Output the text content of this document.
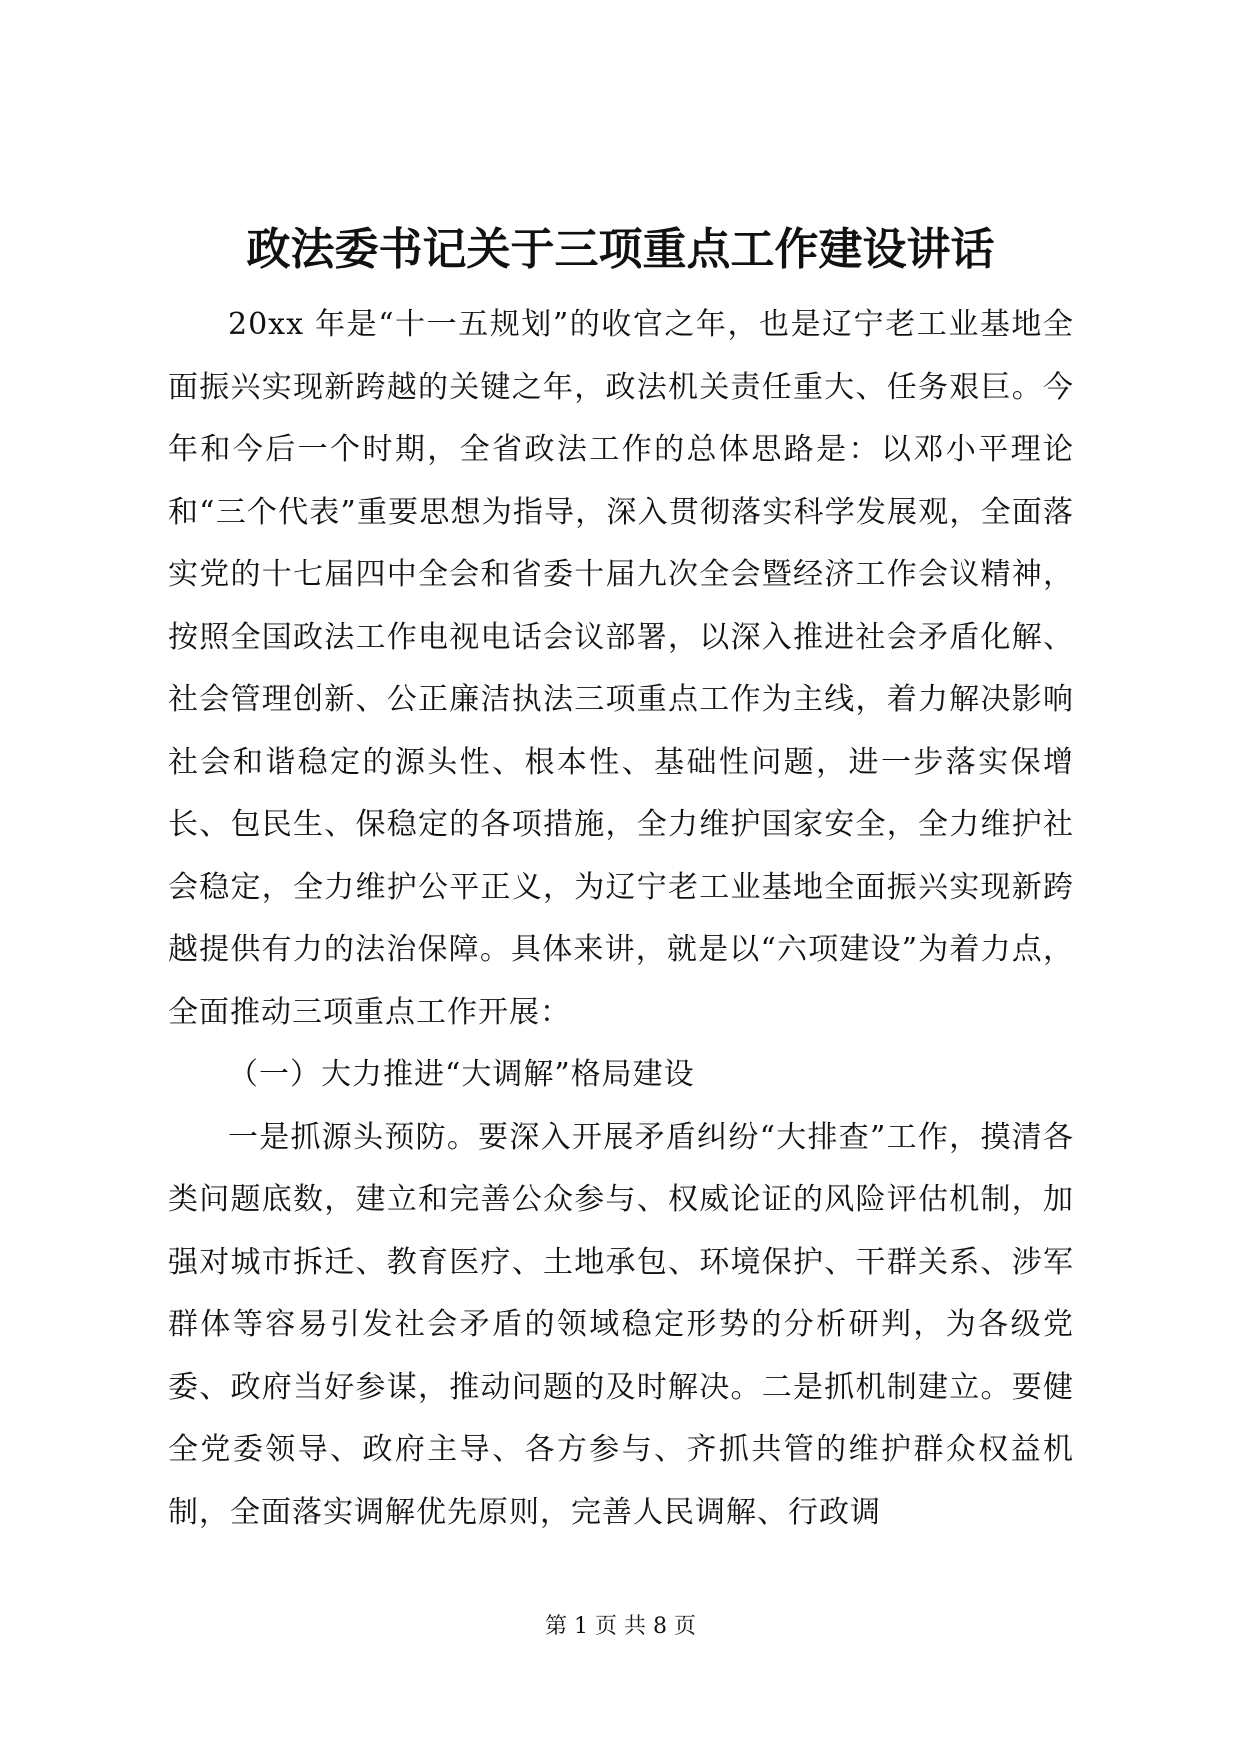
政法委书记关于三项重点工作建设讲话

20xx 年是“十一五规划”的收官之年，也是辽宁老工业基地全面振兴实现新跨越的关键之年，政法机关责任重大、任务艰巨。今年和今后一个时期，全省政法工作的总体思路是：以邓小平理论和“三个代表”重要思想为指导，深入贯彻落实科学发展观，全面落实党的十七届四中全会和省委十届九次全会暨经济工作会议精神，按照全国政法工作电视电话会议部署，以深入推进社会矛盾化解、社会管理创新、公正廉洁执法三项重点工作为主线，着力解决影响社会和谐稳定的源头性、根本性、基础性问题，进一步落实保增长、包民生、保稳定的各项措施，全力维护国家安全，全力维护社会稳定，全力维护公平正义，为辽宁老工业基地全面振兴实现新跨越提供有力的法治保障。具体来讲，就是以“六项建设”为着力点，全面推动三项重点工作开展：

（一）大力推进“大调解”格局建设

一是抓源头预防。要深入开展矛盾纠纷“大排查”工作，摸清各类问题底数，建立和完善公众参与、权威论证的风险评估机制，加强对城市拆迁、教育医疗、土地承包、环境保护、干群关系、涉军群体等容易引发社会矛盾的领域稳定形势的分析研判，为各级党委、政府当好参谋，推动问题的及时解决。二是抓机制建立。要健全党委领导、政府主导、各方参与、齐抓共管的维护群众权益机制，全面落实调解优先原则，完善人民调解、行政调

第 1 页 共 8 页
